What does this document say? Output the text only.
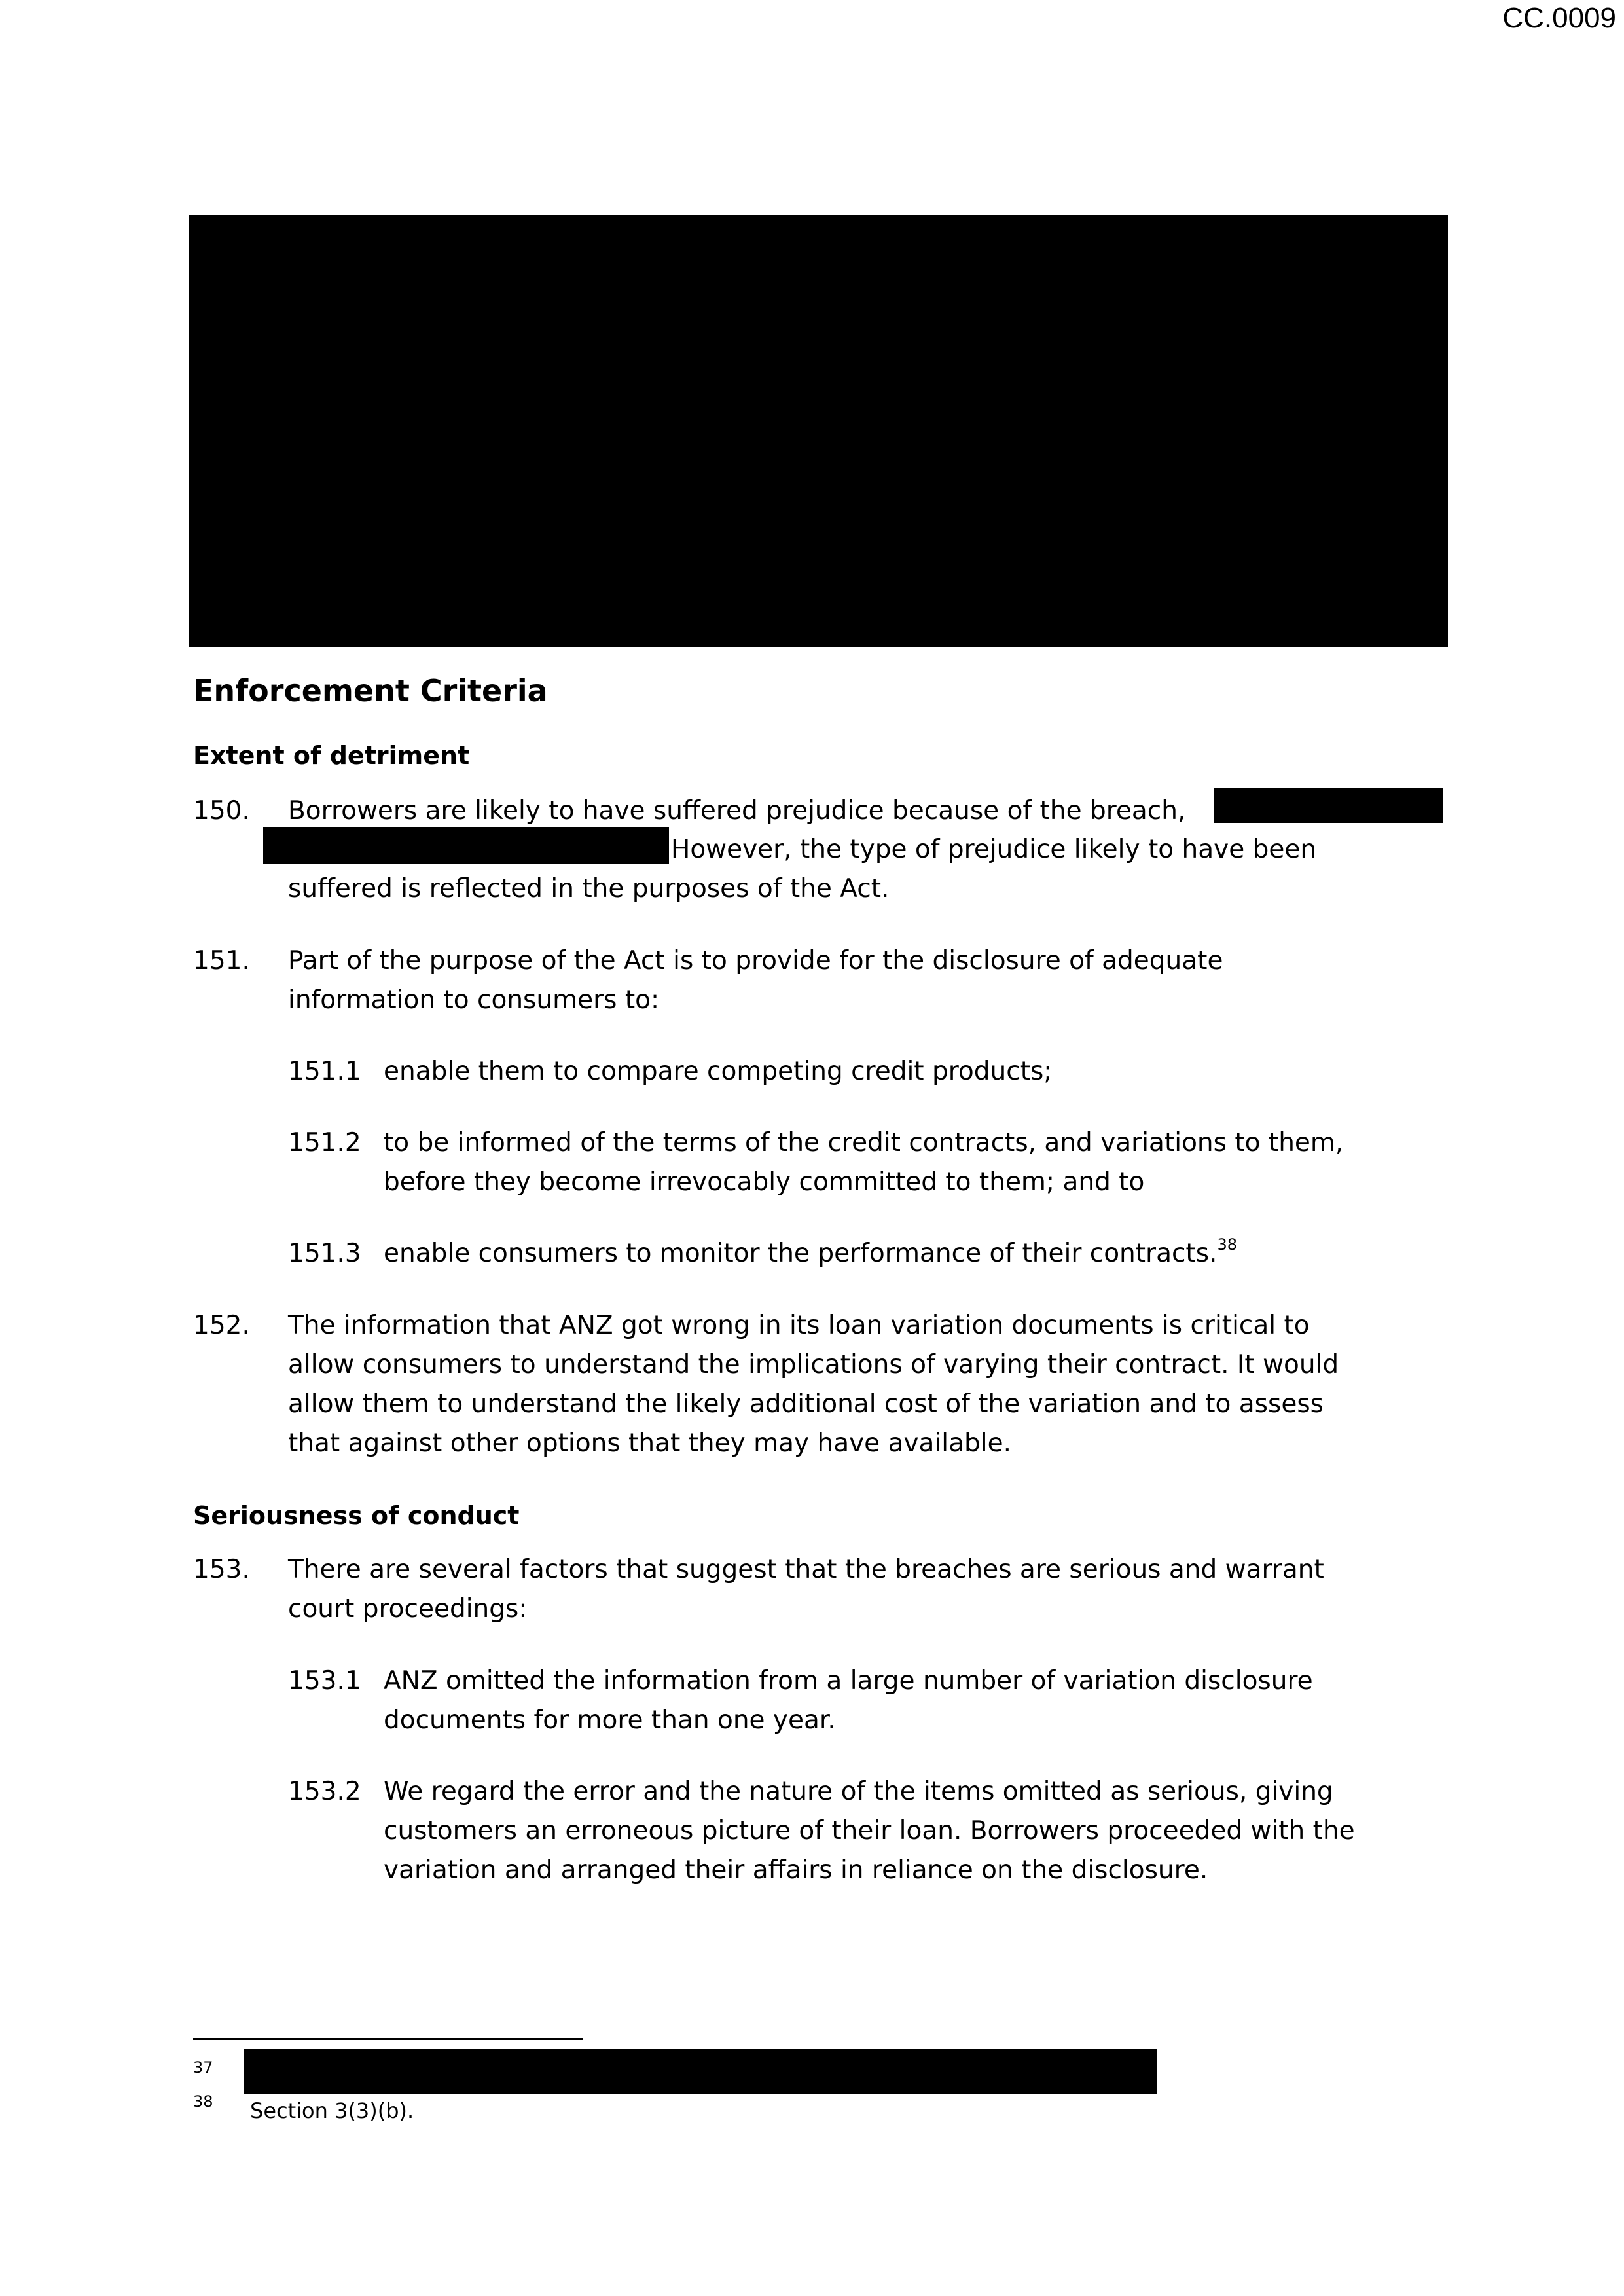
CC.0009
Enforcement Criteria
Extent of detriment
150. Borrowers are likely to have suffered prejudice because of the breach,
However, the type of prejudice likely to have been
suffered is reflected in the purposes of the Act.
151. Part of the purpose of the Act is to provide for the disclosure of adequate
information to consumers to:
151.1 enable them to compare competing credit products;
151.2 to be informed of the terms of the credit contracts, and variations to them,
before they become irrevocably committed to them; and to
151.3 enable consumers to monitor the performance of their contracts.$^{38}$
152. The information that ANZ got wrong in its loan variation documents is critical to
allow consumers to understand the implications of varying their contract. It would
allow them to understand the likely additional cost of the variation and to assess
that against other options that they may have available.
Seriousness of conduct
153. There are several factors that suggest that the breaches are serious and warrant
court proceedings:
153.1 ANZ omitted the information from a large number of variation disclosure
documents for more than one year.
153.2 We regard the error and the nature of the items omitted as serious, giving
customers an erroneous picture of their loan. Borrowers proceeded with the
variation and arranged their affairs in reliance on the disclosure.
37
38 Section 3(3)(b).
